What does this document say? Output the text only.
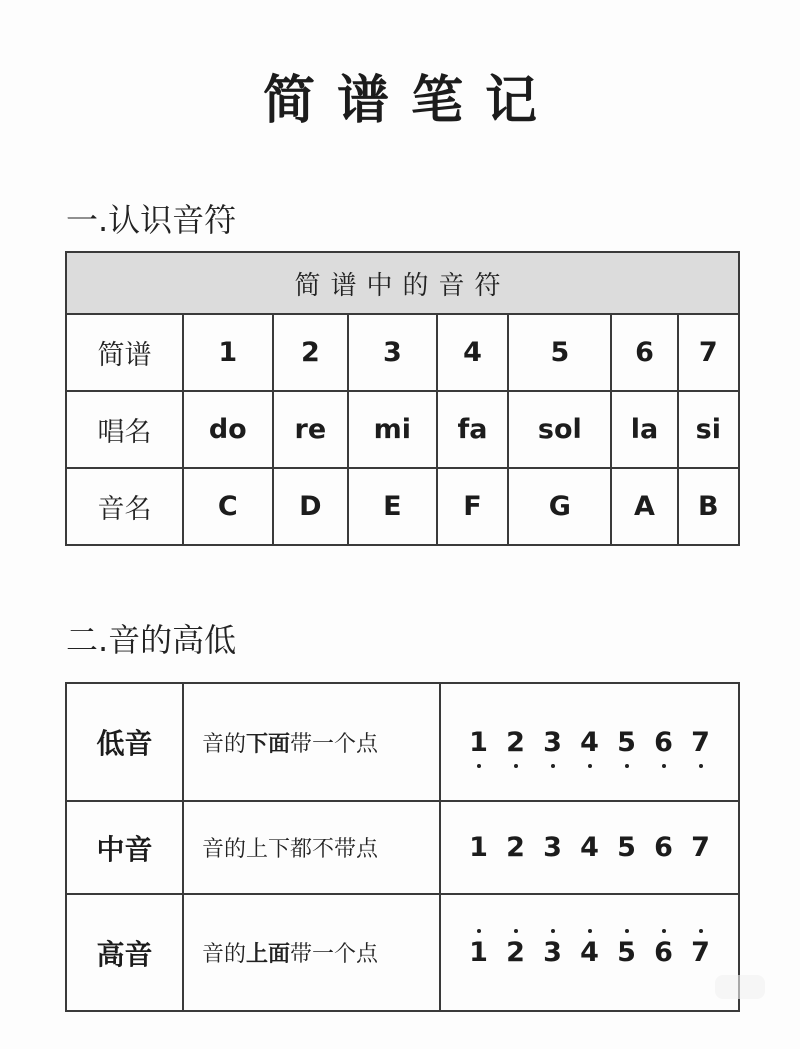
简谱笔记
一.认识音符
简谱中的音符							
简谱	1	2	3	4	5	6	7
唱名	do	re	mi	fa	sol	la	si
音名	C	D	E	F	G	A	B
二.音的高低
低音	音的下面带一个点	1 2 3 4 5 6 7
中音	音的上下都不带点	1 2 3 4 5 6 7
高音	音的上面带一个点	1 2 3 4 5 6 7
